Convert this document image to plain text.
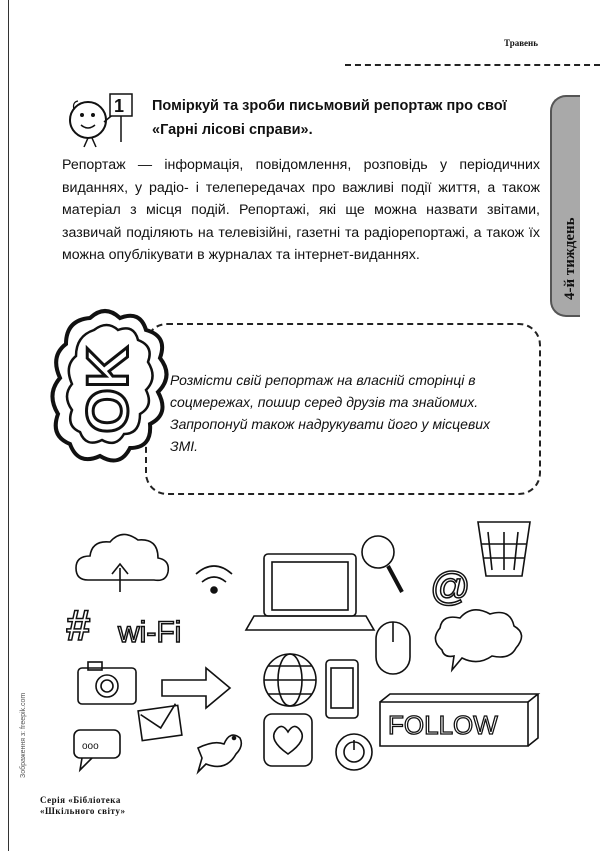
Травень
4-й тиждень
1 Поміркуй та зроби письмовий репортаж про свої «Гарні лісові справи».
Репортаж — інформація, повідомлення, розповідь у періодичних виданнях, у радіо- і телепередачах про важливі події життя, а також матеріал з місця подій. Репортажі, які ще можна назвати звітами, зазвичай поділяють на телевізійні, газетні та радіорепортажі, а також їх можна опублікувати в журналах та інтернет-виданнях.
OK Розмісти свій репортаж на власній сторінці в соцмережах, пошир серед друзів та знайомих. Запропонуй також надрукувати його у місцевих ЗМІ.
@
# wi-Fi
ooo
FOLLOW
Зображення з: freepik.com
Серія «Бібліотека
«Шкільного світу»
